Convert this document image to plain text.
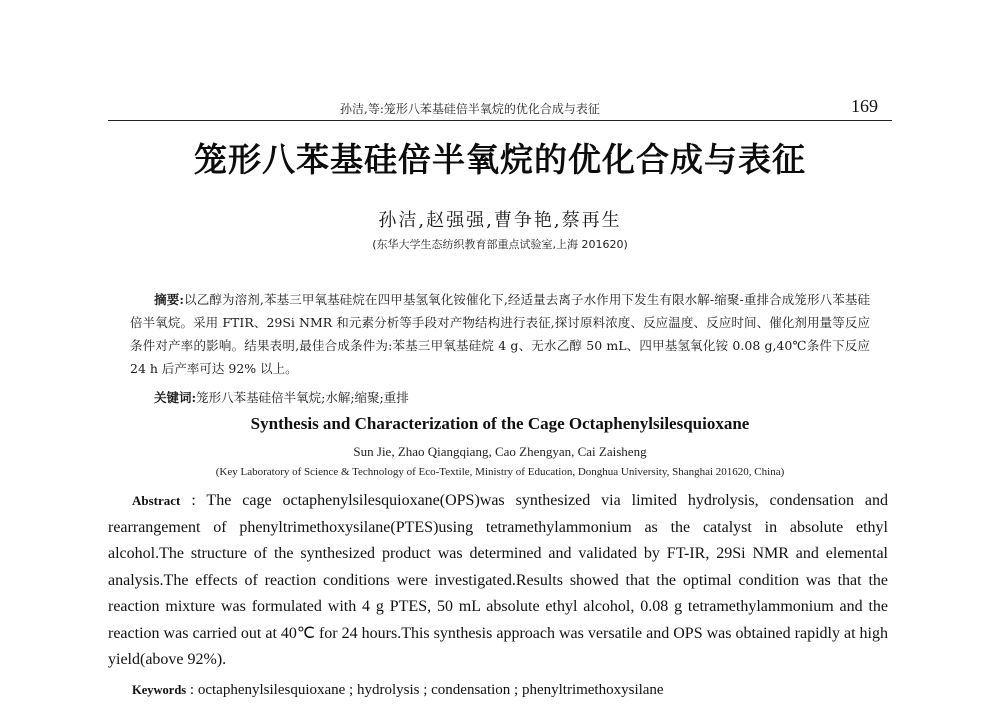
孙洁,等:笼形八苯基硅倍半氧烷的优化合成与表征	169
笼形八苯基硅倍半氧烷的优化合成与表征
孙洁,赵强强,曹争艳,蔡再生
(东华大学生态纺织教育部重点试验室,上海 201620)
摘要:以乙醇为溶剂,苯基三甲氧基硅烷在四甲基氢氧化铵催化下,经适量去离子水作用下发生有限水解-缩聚-重排合成笼形八苯基硅倍半氧烷。采用 FTIR、29Si NMR 和元素分析等手段对产物结构进行表征,探讨原料浓度、反应温度、反应时间、催化剂用量等反应条件对产率的影响。结果表明,最佳合成条件为:苯基三甲氧基硅烷 4 g、无水乙醇 50 mL、四甲基氢氧化铵 0.08 g,40℃条件下反应 24 h 后产率可达 92% 以上。
关键词:笼形八苯基硅倍半氧烷;水解;缩聚;重排
Synthesis and Characterization of the Cage Octaphenylsilesquioxane
Sun Jie, Zhao Qiangqiang, Cao Zhengyan, Cai Zaisheng
(Key Laboratory of Science & Technology of Eco-Textile, Ministry of Education, Donghua University, Shanghai 201620, China)
Abstract : The cage octaphenylsilesquioxane(OPS)was synthesized via limited hydrolysis, condensation and rearrangement of phenyltrimethoxysilane(PTES)using tetramethylammonium as the catalyst in absolute ethyl alcohol.The structure of the synthesized product was determined and validated by FT-IR, 29Si NMR and elemental analysis.The effects of reaction conditions were investigated.Results showed that the optimal condition was that the reaction mixture was formulated with 4 g PTES, 50 mL absolute ethyl alcohol, 0.08 g tetramethylammonium and the reaction was carried out at 40℃ for 24 hours.This synthesis approach was versatile and OPS was obtained rapidly at high yield(above 92%).
Keywords : octaphenylsilesquioxane ; hydrolysis ; condensation ; phenyltrimethoxysilane
